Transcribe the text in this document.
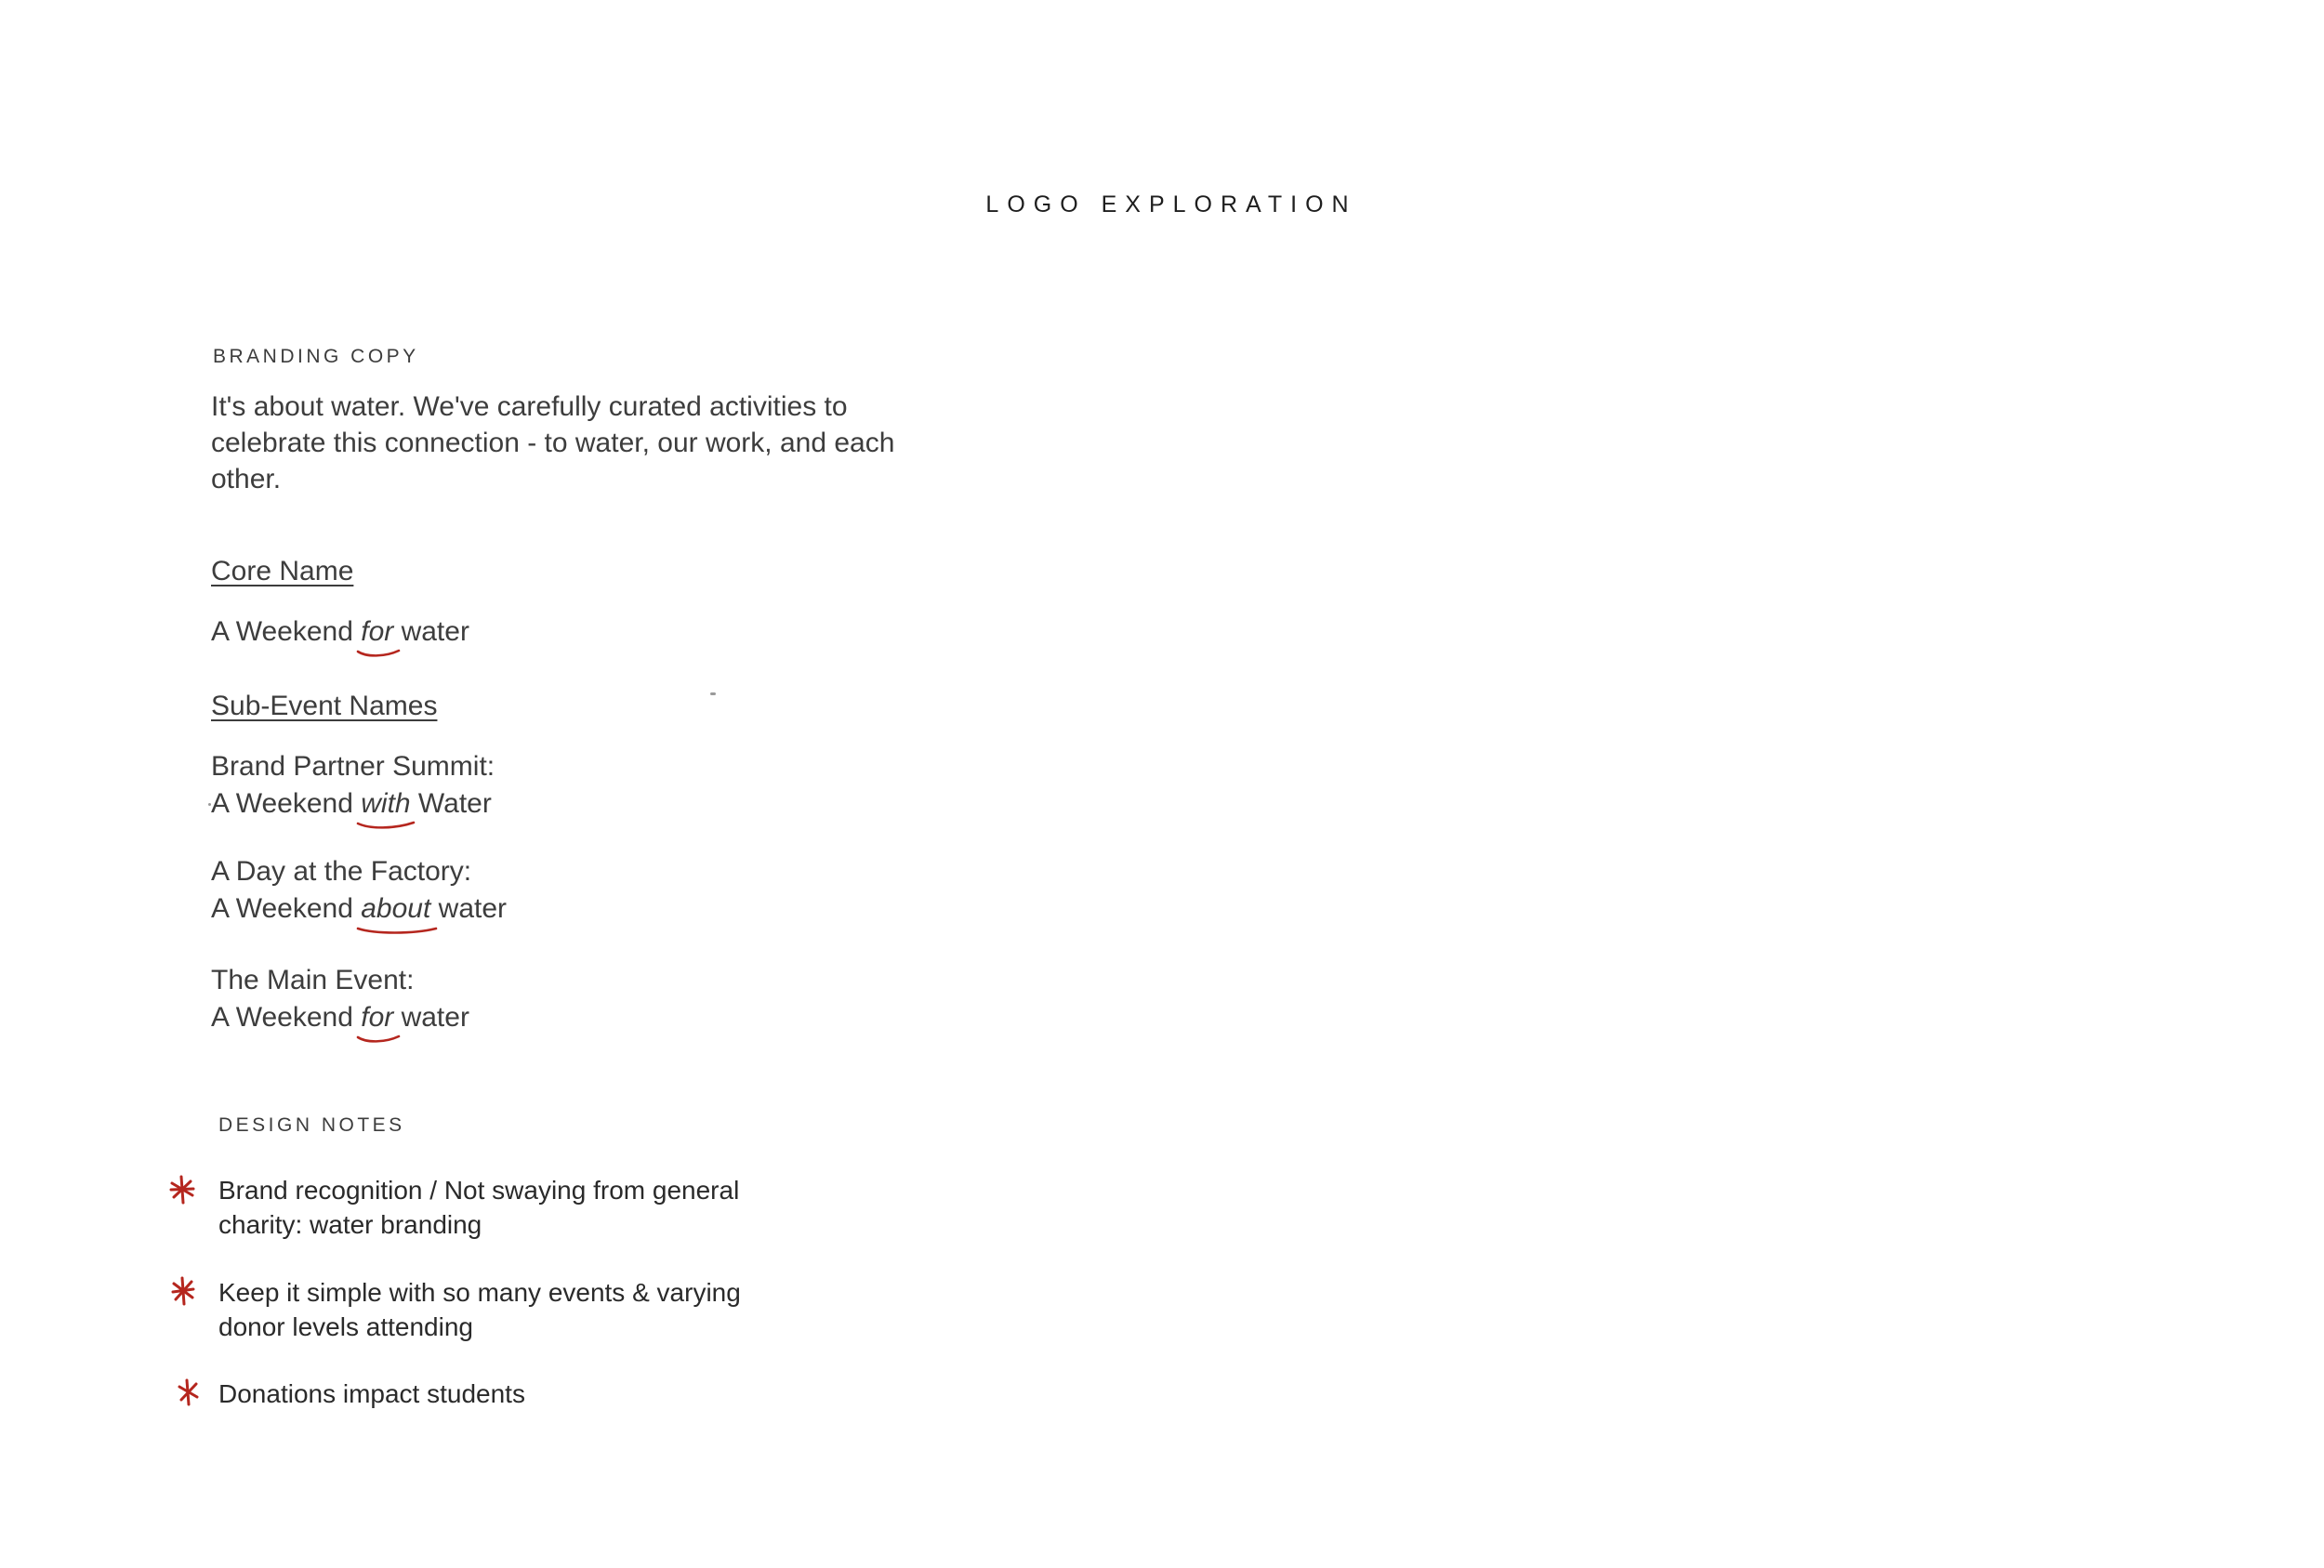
LOGO EXPLORATION
BRANDING COPY
It's about water. We've carefully curated activities to celebrate this connection - to water, our work, and each other.
Core Name
A Weekend for
water
Sub-Event Names
Brand Partner Summit:
A Weekend with
Water
A Day at the Factory:
A Weekend about
water
The Main Event:
A Weekend for
water
DESIGN NOTES
Brand recognition / Not swaying from general charity: water branding
Keep it simple with so many events & varying donor levels attending
Donations impact students
